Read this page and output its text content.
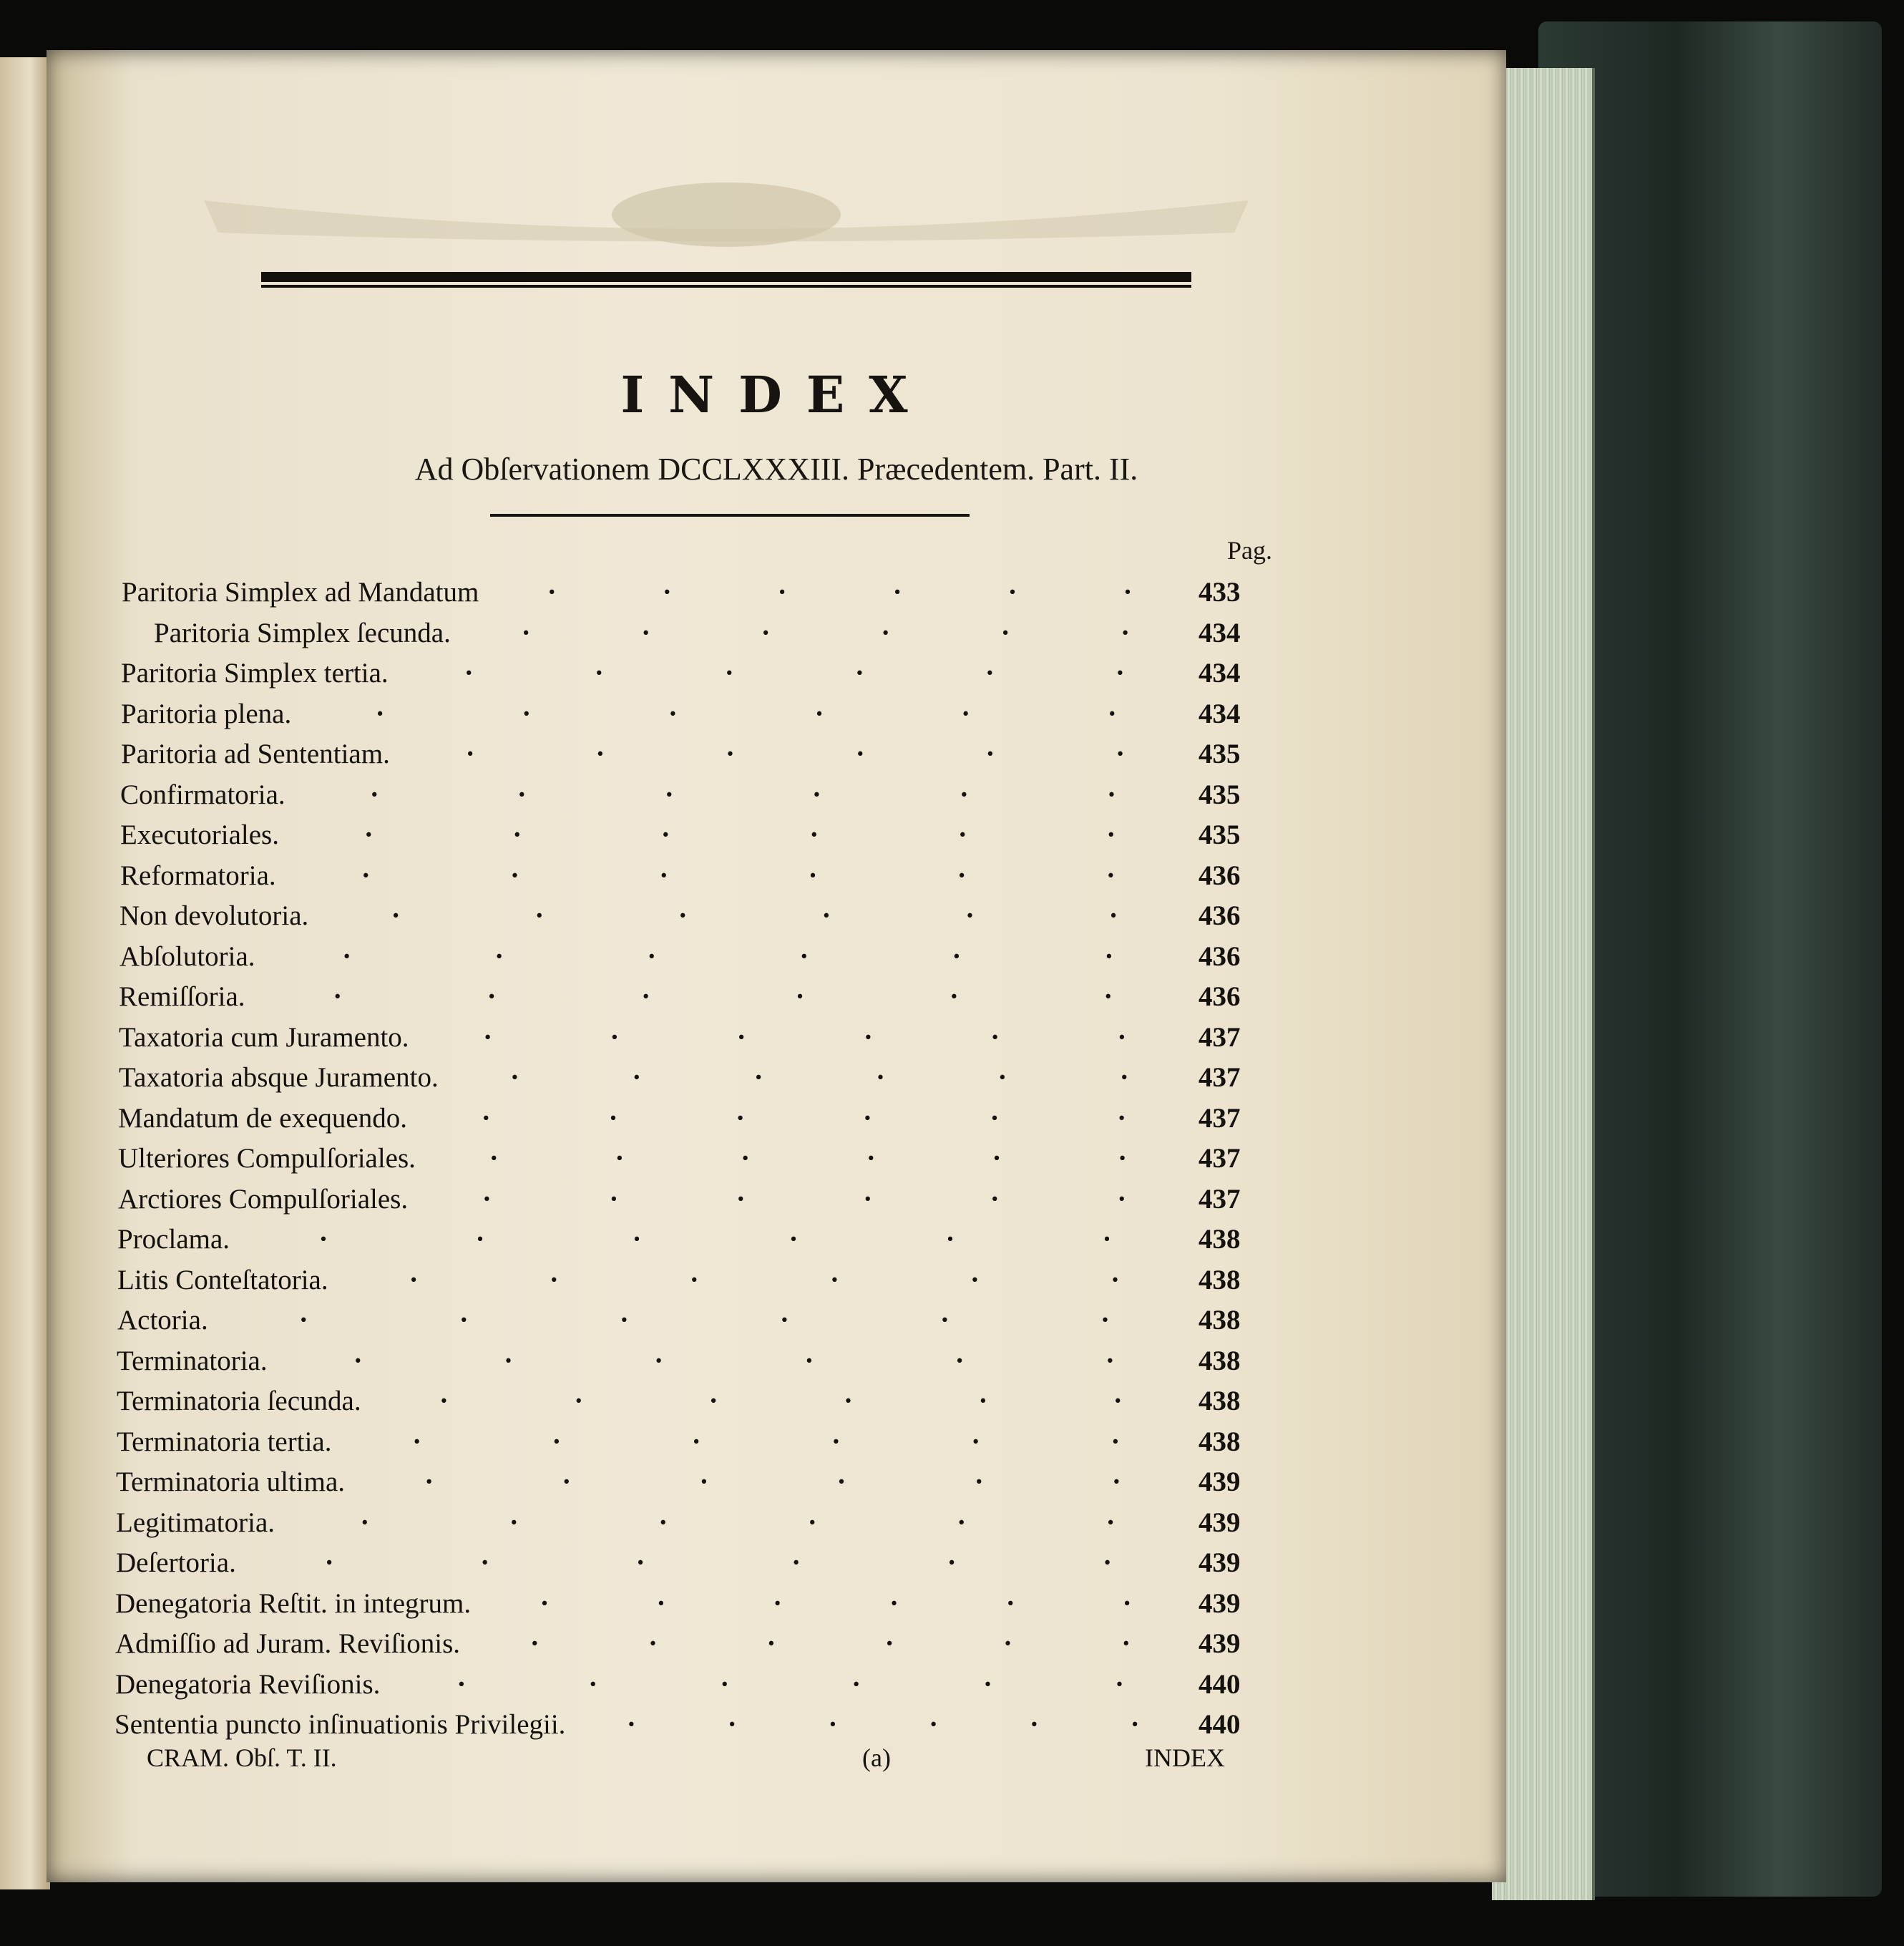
INDEX
Ad Obſervationem DCCLXXXIII. Præcedentem. Part. II.
Pag.
Paritoria Simplex ad Mandatum ·	·	·	·	·	· 433
Paritoria Simplex ſecunda.	·	·	·	·	·	· 434
Paritoria Simplex tertia.	·	·	·	·	·	·	434
Paritoria plena.	·	·	·	·	·	·	434
Paritoria ad Sententiam.	·	·	·	·	·	·	435
Confirmatoria.	·	·	·	·	·	·	435
Executoriales.	·	·	·	·	·	·	435
Reformatoria.	·	·	·	·	·	·	436
Non devolutoria.	·	·	·	·	·	·	436
Abſolutoria.	·	·	·	·	·	·	436
Remiſſoria.	·	·	·	·	·	·	436
Taxatoria cum Juramento.	·	·	·	·	·	·	437
Taxatoria absque Juramento.	·	·	·	·	·	· 437
Mandatum de exequendo.	·	·	·	·	·	·	437
Ulteriores Compulſoriales.	·	·	·	·	·	·	437
Arctiores Compulſoriales.	·	·	·	·	·	·	437
Proclama.	·	·	·	·	·	·	438
Litis Conteſtatoria.	·	·	·	·	·	·	438
Actoria.	·	·	·	·	·	·	438
Terminatoria.	·	·	·	·	·	·	438
Terminatoria ſecunda.	·	·	·	·	·	·	438
Terminatoria tertia.	·	·	·	·	·	·	438
Terminatoria ultima.	·	·	·	·	·	·	439
Legitimatoria.	·	·	·	·	·	·	439
Deſertoria.	·	·	·	·	·	·	439
Denegatoria Reſtit. in integrum. ·	·	·	·	·	· 439
Admiſſio ad Juram. Reviſionis.	·	·	·	·	·	· 439
Denegatoria Reviſionis.	·	·	·	·	·	·	440
Sententia puncto inſinuationis Privilegii. ·	·	·	·	·	· 440
CRAM. Obſ. T. II.	(a)	INDEX
